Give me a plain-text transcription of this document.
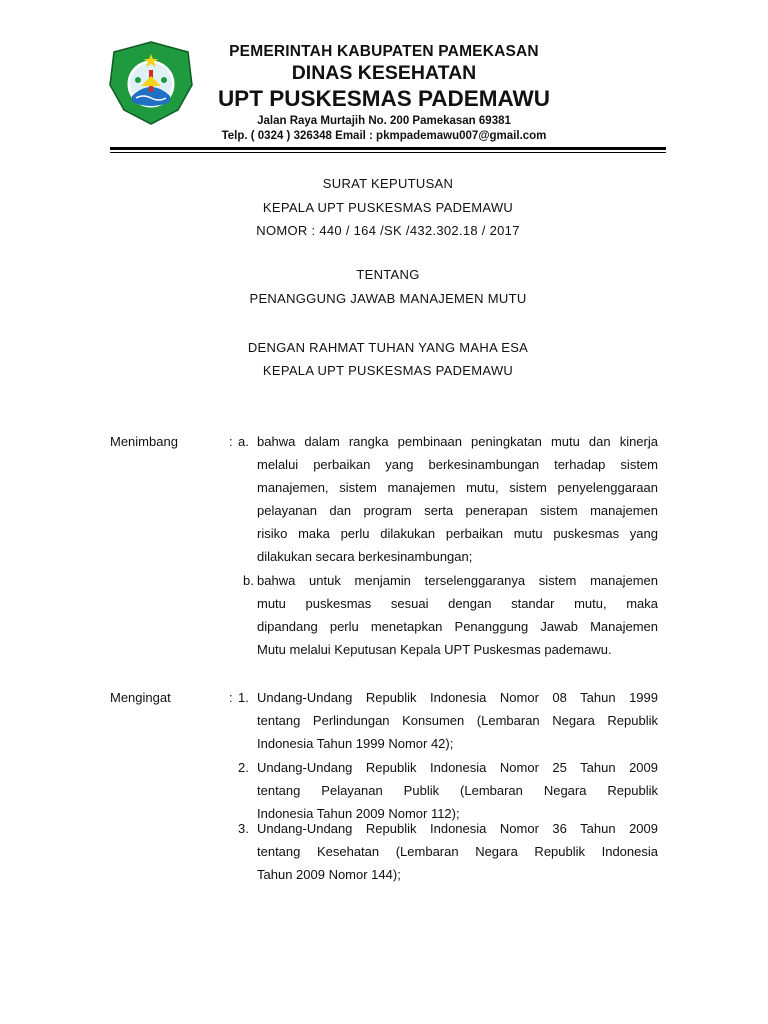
PEMERINTAH KABUPATEN PAMEKASAN
DINAS KESEHATAN
UPT PUSKESMAS PADEMAWU
Jalan Raya Murtajih No. 200 Pamekasan 69381
Telp. ( 0324 ) 326348 Email : pkmpademawu007@gmail.com
SURAT KEPUTUSAN
KEPALA UPT PUSKESMAS PADEMAWU
NOMOR : 440 / 164 /SK /432.302.18 / 2017
TENTANG
PENANGGUNG JAWAB MANAJEMEN MUTU
DENGAN RAHMAT TUHAN YANG MAHA ESA
KEPALA UPT PUSKESMAS PADEMAWU
Menimbang	: a. bahwa dalam rangka pembinaan peningkatan mutu dan kinerja
melalui perbaikan yang berkesinambungan terhadap sistem
manajemen, sistem manajemen mutu, sistem penyelenggaraan
pelayanan dan program serta penerapan sistem manajemen
risiko maka perlu dilakukan perbaikan mutu puskesmas yang
dilakukan secara berkesinambungan;
b. bahwa untuk menjamin terselenggaranya sistem manajemen
mutu puskesmas sesuai dengan standar mutu, maka
dipandang perlu menetapkan Penanggung Jawab Manajemen
Mutu melalui Keputusan Kepala UPT Puskesmas pademawu.
Mengingat	: 1. Undang-Undang Republik Indonesia Nomor 08 Tahun 1999
tentang Perlindungan Konsumen (Lembaran Negara Republik
Indonesia Tahun 1999 Nomor 42);
2. Undang-Undang Republik Indonesia Nomor 25 Tahun 2009
tentang Pelayanan Publik (Lembaran Negara Republik
Indonesia Tahun 2009 Nomor 112);
3. Undang-Undang Republik Indonesia Nomor 36 Tahun 2009
tentang Kesehatan (Lembaran Negara Republik Indonesia
Tahun 2009 Nomor 144);
